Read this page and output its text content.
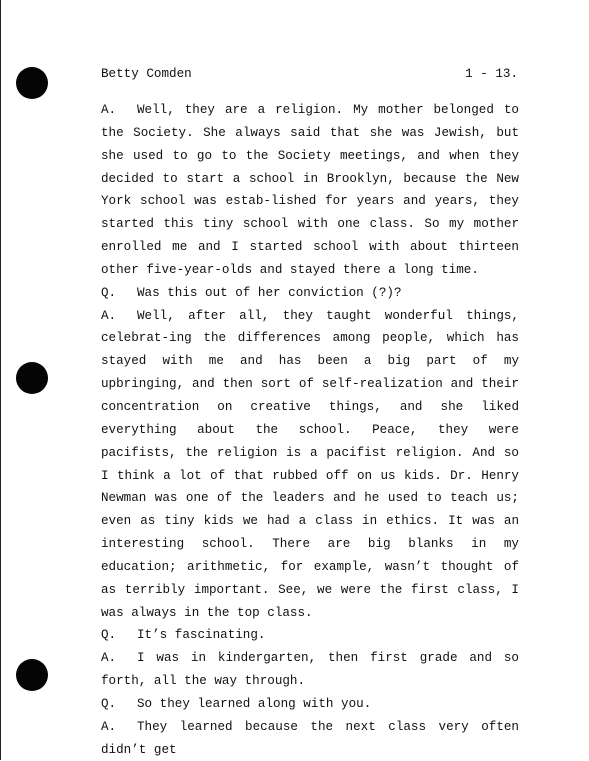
Betty Comden	1 - 13.

A. Well, they are a religion. My mother belonged to the Society. She always said that she was Jewish, but she used to go to the Society meetings, and when they decided to start a school in Brooklyn, because the New York school was estab-lished for years and years, they started this tiny school with one class. So my mother enrolled me and I started school with about thirteen other five-year-olds and stayed there a long time.

Q. Was this out of her conviction (?)?

A. Well, after all, they taught wonderful things, celebrat-ing the differences among people, which has stayed with me and has been a big part of my upbringing, and then sort of self-realization and their concentration on creative things, and she liked everything about the school. Peace, they were pacifists, the religion is a pacifist religion. And so I think a lot of that rubbed off on us kids. Dr. Henry Newman was one of the leaders and he used to teach us; even as tiny kids we had a class in ethics. It was an interesting school. There are big blanks in my education; arithmetic, for example, wasn’t thought of as terribly important. See, we were the first class, I was always in the top class.

Q. It’s fascinating.

A. I was in kindergarten, then first grade and so forth, all the way through.

Q. So they learned along with you.

A. They learned because the next class very often didn’t get
